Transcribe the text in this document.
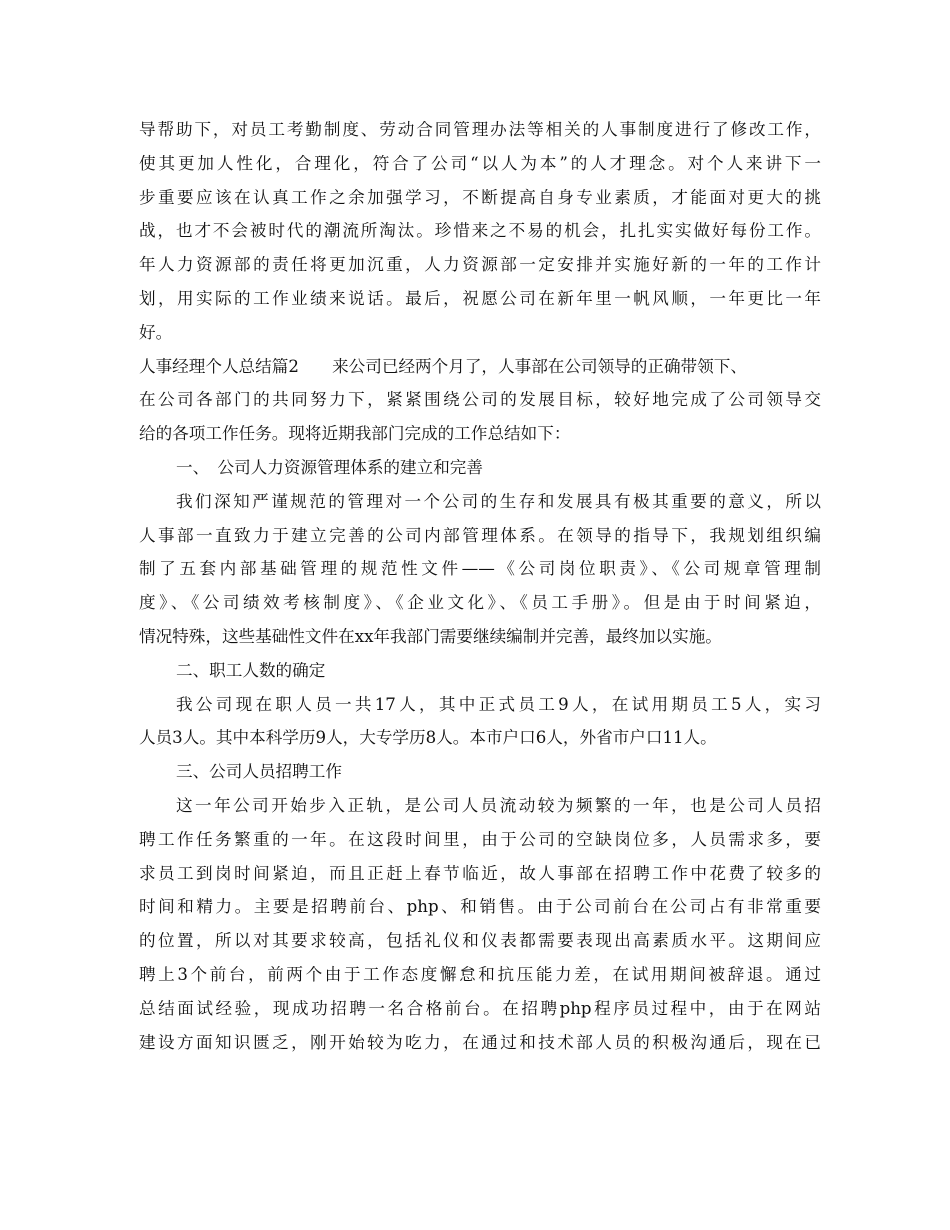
导帮助下，对员工考勤制度、劳动合同管理办法等相关的人事制度进行了修改工作，
使其更加人性化，合理化，符合了公司“以人为本”的人才理念。对个人来讲下一
步重要应该在认真工作之余加强学习，不断提高自身专业素质，才能面对更大的挑
战，也才不会被时代的潮流所淘汰。珍惜来之不易的机会，扎扎实实做好每份工作。
年人力资源部的责任将更加沉重，人力资源部一定安排并实施好新的一年的工作计
划，用实际的工作业绩来说话。最后，祝愿公司在新年里一帆风顺，一年更比一年
好。
人事经理个人总结篇2　　来公司已经两个月了，人事部在公司领导的正确带领下、
在公司各部门的共同努力下，紧紧围绕公司的发展目标，较好地完成了公司领导交
给的各项工作任务。现将近期我部门完成的工作总结如下：
一、　公司人力资源管理体系的建立和完善
我们深知严谨规范的管理对一个公司的生存和发展具有极其重要的意义，所以
人事部一直致力于建立完善的公司内部管理体系。在领导的指导下，我规划组织编
制了五套内部基础管理的规范性文件——《公司岗位职责》、《公司规章管理制
度》、《公司绩效考核制度》、《企业文化》、《员工手册》。但是由于时间紧迫，
情况特殊，这些基础性文件在xx年我部门需要继续编制并完善，最终加以实施。
二、职工人数的确定
我公司现在职人员一共17人，其中正式员工9人，在试用期员工5人，实习
人员3人。其中本科学历9人，大专学历8人。本市户口6人，外省市户口11人。
三、公司人员招聘工作
这一年公司开始步入正轨，是公司人员流动较为频繁的一年，也是公司人员招
聘工作任务繁重的一年。在这段时间里，由于公司的空缺岗位多，人员需求多，要
求员工到岗时间紧迫，而且正赶上春节临近，故人事部在招聘工作中花费了较多的
时间和精力。主要是招聘前台、php、和销售。由于公司前台在公司占有非常重要
的位置，所以对其要求较高，包括礼仪和仪表都需要表现出高素质水平。这期间应
聘上3个前台，前两个由于工作态度懈怠和抗压能力差，在试用期间被辞退。通过
总结面试经验，现成功招聘一名合格前台。在招聘php程序员过程中，由于在网站
建设方面知识匮乏，刚开始较为吃力，在通过和技术部人员的积极沟通后，现在已
